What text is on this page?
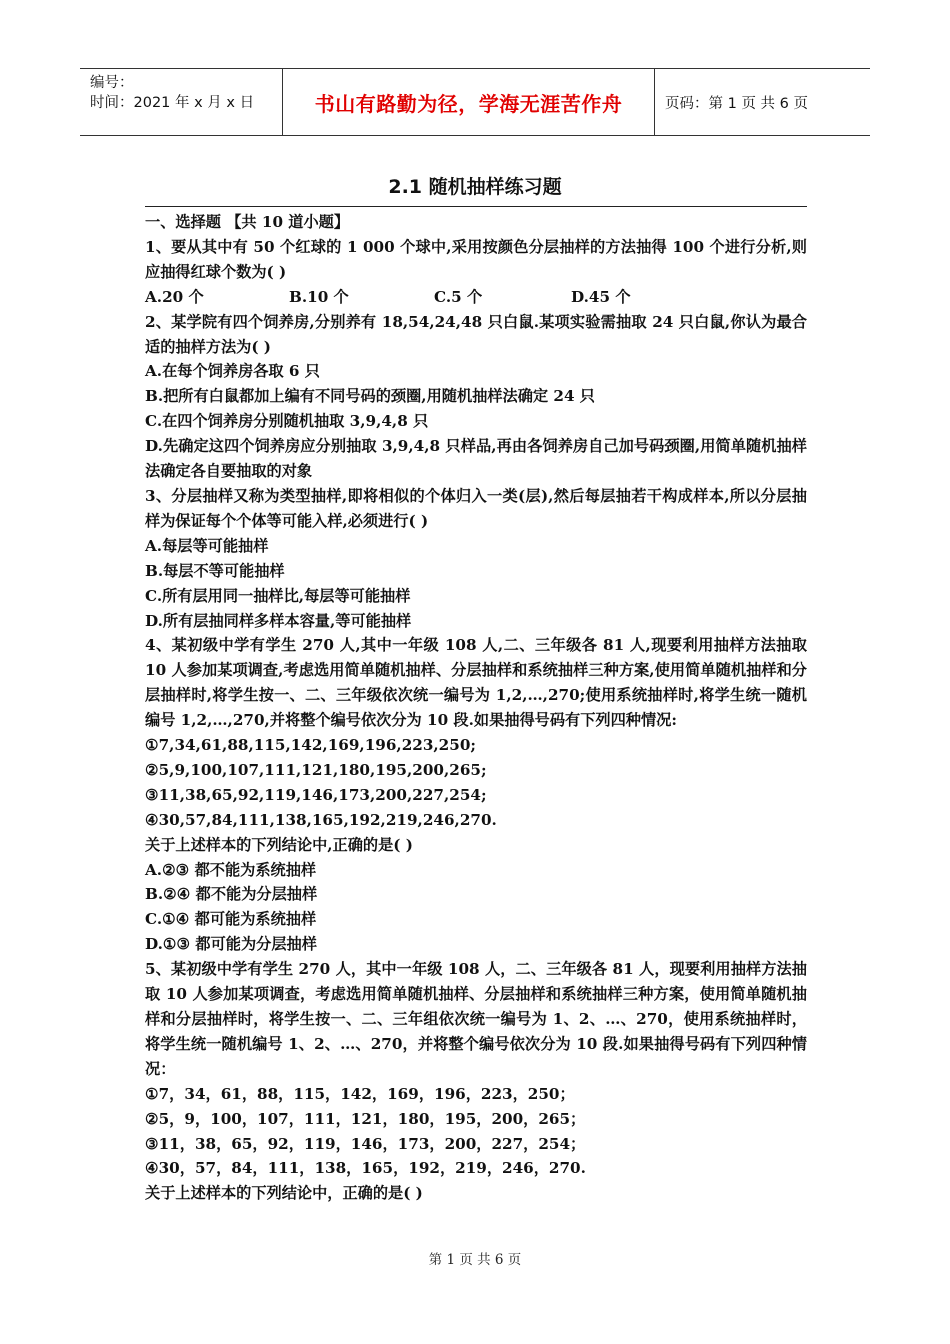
编号：
时间：2021 年 x 月 x 日	书山有路勤为径，学海无涯苦作舟	页码：第 1 页 共 6 页
2.1 随机抽样练习题

一、选择题 【共 10 道小题】

1、要从其中有 50 个红球的 1 000 个球中,采用按颜色分层抽样的方法抽得 100 个进行分析,则应抽得红球个数为( )

A.20 个	B.10 个	C.5 个	D.45 个

2、某学院有四个饲养房,分别养有 18,54,24,48 只白鼠.某项实验需抽取 24 只白鼠,你认为最合适的抽样方法为( )

A.在每个饲养房各取 6 只

B.把所有白鼠都加上编有不同号码的颈圈,用随机抽样法确定 24 只

C.在四个饲养房分别随机抽取 3,9,4,8 只

D.先确定这四个饲养房应分别抽取 3,9,4,8 只样品,再由各饲养房自己加号码颈圈,用简单随机抽样法确定各自要抽取的对象

3、分层抽样又称为类型抽样,即将相似的个体归入一类(层),然后每层抽若干构成样本,所以分层抽样为保证每个个体等可能入样,必须进行( )

A.每层等可能抽样

B.每层不等可能抽样

C.所有层用同一抽样比,每层等可能抽样

D.所有层抽同样多样本容量,等可能抽样

4、某初级中学有学生 270 人,其中一年级 108 人,二、三年级各 81 人,现要利用抽样方法抽取 10 人参加某项调查,考虑选用简单随机抽样、分层抽样和系统抽样三种方案,使用简单随机抽样和分层抽样时,将学生按一、二、三年级依次统一编号为 1,2,…,270;使用系统抽样时,将学生统一随机编号 1,2,…,270,并将整个编号依次分为 10 段.如果抽得号码有下列四种情况:

①7,34,61,88,115,142,169,196,223,250;

②5,9,100,107,111,121,180,195,200,265;

③11,38,65,92,119,146,173,200,227,254;

④30,57,84,111,138,165,192,219,246,270.

关于上述样本的下列结论中,正确的是( )

A.②③ 都不能为系统抽样

B.②④ 都不能为分层抽样

C.①④ 都可能为系统抽样

D.①③ 都可能为分层抽样

5、某初级中学有学生 270 人，其中一年级 108 人，二、三年级各 81 人，现要利用抽样方法抽取 10 人参加某项调查，考虑选用简单随机抽样、分层抽样和系统抽样三种方案，使用简单随机抽样和分层抽样时，将学生按一、二、三年组依次统一编号为 1、2、…、270，使用系统抽样时，将学生统一随机编号 1、2、…、270，并将整个编号依次分为 10 段.如果抽得号码有下列四种情况：

①7，34，61，88，115，142，169，196，223，250；

②5，9，100，107，111，121，180，195，200，265；

③11，38，65，92，119，146，173，200，227，254；

④30，57，84，111，138，165，192，219，246，270.

关于上述样本的下列结论中，正确的是( )

第 1 页 共 6 页
